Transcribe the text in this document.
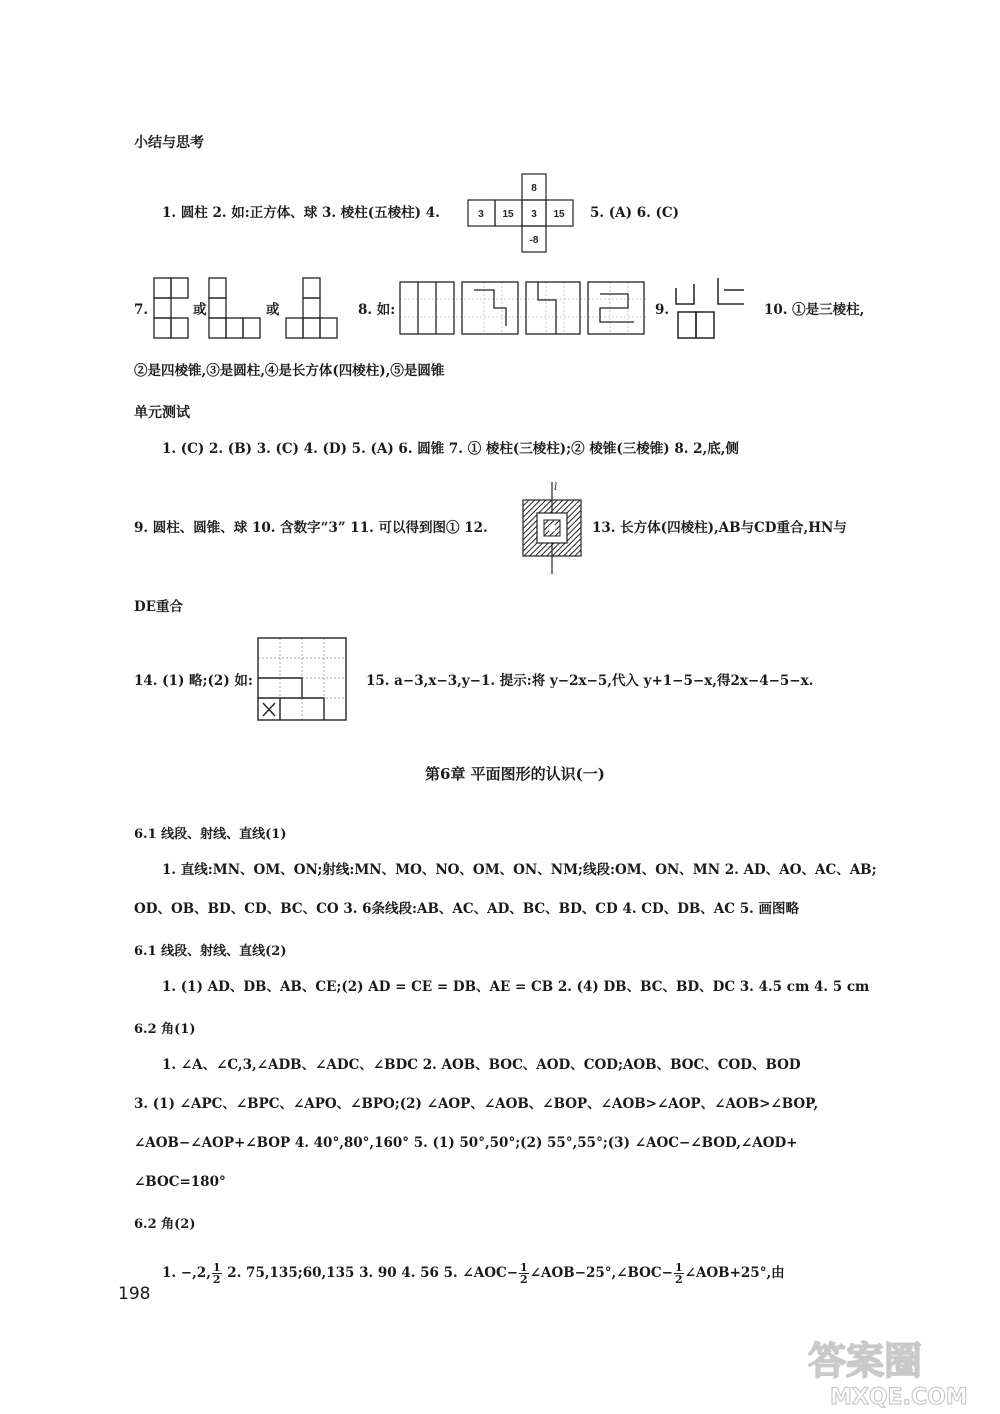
小结与思考
1. 圆柱 2. 如:正方体、球 3. 棱柱(五棱柱) 4.
8
3 15 3 15
-8
5. (A) 6. (C)
7.	或	或	8. 如:	9.	10. ①是三棱柱,
②是四棱锥,③是圆柱,④是长方体(四棱柱),⑤是圆锥
单元测试
1. (C) 2. (B) 3. (C) 4. (D) 5. (A) 6. 圆锥 7. ① 棱柱(三棱柱);② 棱锥(三棱锥) 8. 2,底,侧
9. 圆柱、圆锥、球 10. 含数字“3” 11. 可以得到图① 12.
l
13. 长方体(四棱柱),AB与CD重合,HN与
DE重合
14. (1) 略;(2) 如:	15. a−3,x−3,y−1. 提示:将 y−2x−5,代入 y+1−5−x,得2x−4−5−x.
第6章 平面图形的认识(一)
6.1 线段、射线、直线(1)
1. 直线:MN、OM、ON;射线:MN、MO、NO、OM、ON、NM;线段:OM、ON、MN 2. AD、AO、AC、AB;
OD、OB、BD、CD、BC、CO 3. 6条线段:AB、AC、AD、BC、BD、CD 4. CD、DB、AC 5. 画图略
6.1 线段、射线、直线(2)
1. (1) AD、DB、AB、CE;(2) AD = CE = DB、AE = CB 2. (4) DB、BC、BD、DC 3. 4.5 cm 4. 5 cm
6.2 角(1)
1. ∠A、∠C,3,∠ADB、∠ADC、∠BDC 2. AOB、BOC、AOD、COD;AOB、BOC、COD、BOD
3. (1) ∠APC、∠BPC、∠APO、∠BPO;(2) ∠AOP、∠AOB、∠BOP、∠AOB>∠AOP、∠AOB>∠BOP,
∠AOB−∠AOP+∠BOP 4. 40°,80°,160° 5. (1) 50°,50°;(2) 55°,55°;(3) ∠AOC−∠BOD,∠AOD+
∠BOC=180°
6.2 角(2)
1. −,2, $\frac{1}{2} 2$. 75,135;60,135 3. 90 4. 56 5. ∠AOC− $\frac{1}{2}$ ∠AOB−25°,∠BOC− $\frac{1}{2}$ ∠AOB+25°,由
198
答案圈
MXQE.COM
